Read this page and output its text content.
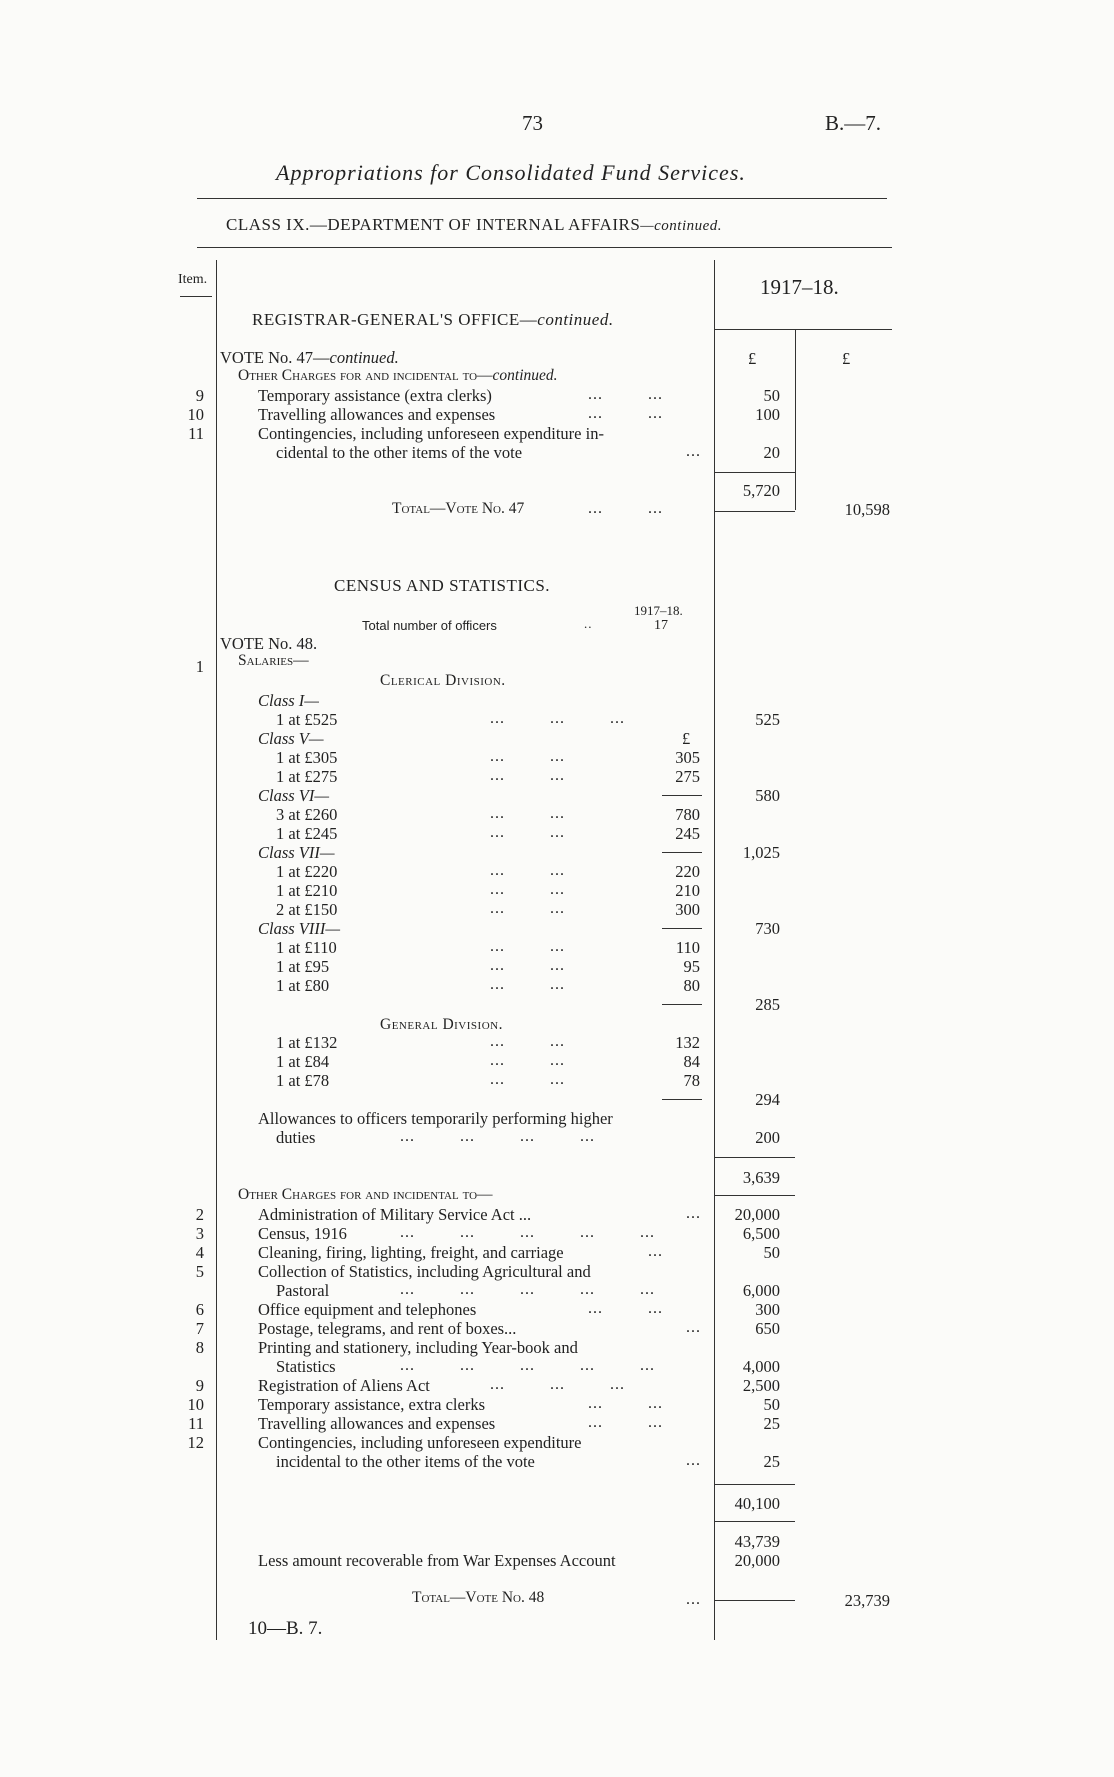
73	B.—7.
Appropriations for Consolidated Fund Services.
CLASS IX.—DEPARTMENT OF INTERNAL AFFAIRS—continued.
Item.	1917–18.
£	£
REGISTRAR-GENERAL'S OFFICE—continued.
VOTE No. 47—continued.
Other Charges for and incidental to—continued.
9	Temporary assistance (extra clerks)	...         ...	50
10	Travelling allowances and expenses	...         ...	100
11	Contingencies, including unforeseen expenditure in-
cidental to the other items of the vote	...	20
5,720
Total—Vote No. 47	...         ...	10,598
CENSUS AND STATISTICS.
1917–18.
Total number of officers	..	17
VOTE No. 48.
1 Salaries—
Clerical Division.
Class I—
1 at £525	...         ...         ...	525
Class V—	£
1 at £305	...         ...	305
1 at £275	...         ...	275
580
Class VI—
3 at £260	...         ...	780
1 at £245	...         ...	245
1,025
Class VII—
1 at £220	...         ...	220
1 at £210	...         ...	210
2 at £150	...         ...	300
730
Class VIII—
1 at £110	...         ...	110
1 at £95	...         ...	95
1 at £80	...         ...	80
285
General Division.
1 at £132	...         ...	132
1 at £84	...         ...	84
1 at £78	...         ...	78
294
Allowances to officers temporarily performing higher
duties	...         ...         ...         ...	200
3,639
Other Charges for and incidental to—
2	Administration of Military Service Act ...	...	20,000
3	Census, 1916	...         ...         ...         ...         ...	6,500
4	Cleaning, firing, lighting, freight, and carriage	...	50
5	Collection of Statistics, including Agricultural and
Pastoral	...         ...         ...         ...         ...	6,000
6	Office equipment and telephones	...         ...	300
7	Postage, telegrams, and rent of boxes...	...	650
8	Printing and stationery, including Year-book and
Statistics	...         ...         ...         ...         ...	4,000
9	Registration of Aliens Act	...         ...         ...	2,500
10	Temporary assistance, extra clerks	...         ...	50
11	Travelling allowances and expenses	...         ...	25
12	Contingencies, including unforeseen expenditure
incidental to the other items of the vote	...	25
40,100
43,739
Less amount recoverable from War Expenses Account	20,000
Total—Vote No. 48	...	23,739
10—B. 7.
